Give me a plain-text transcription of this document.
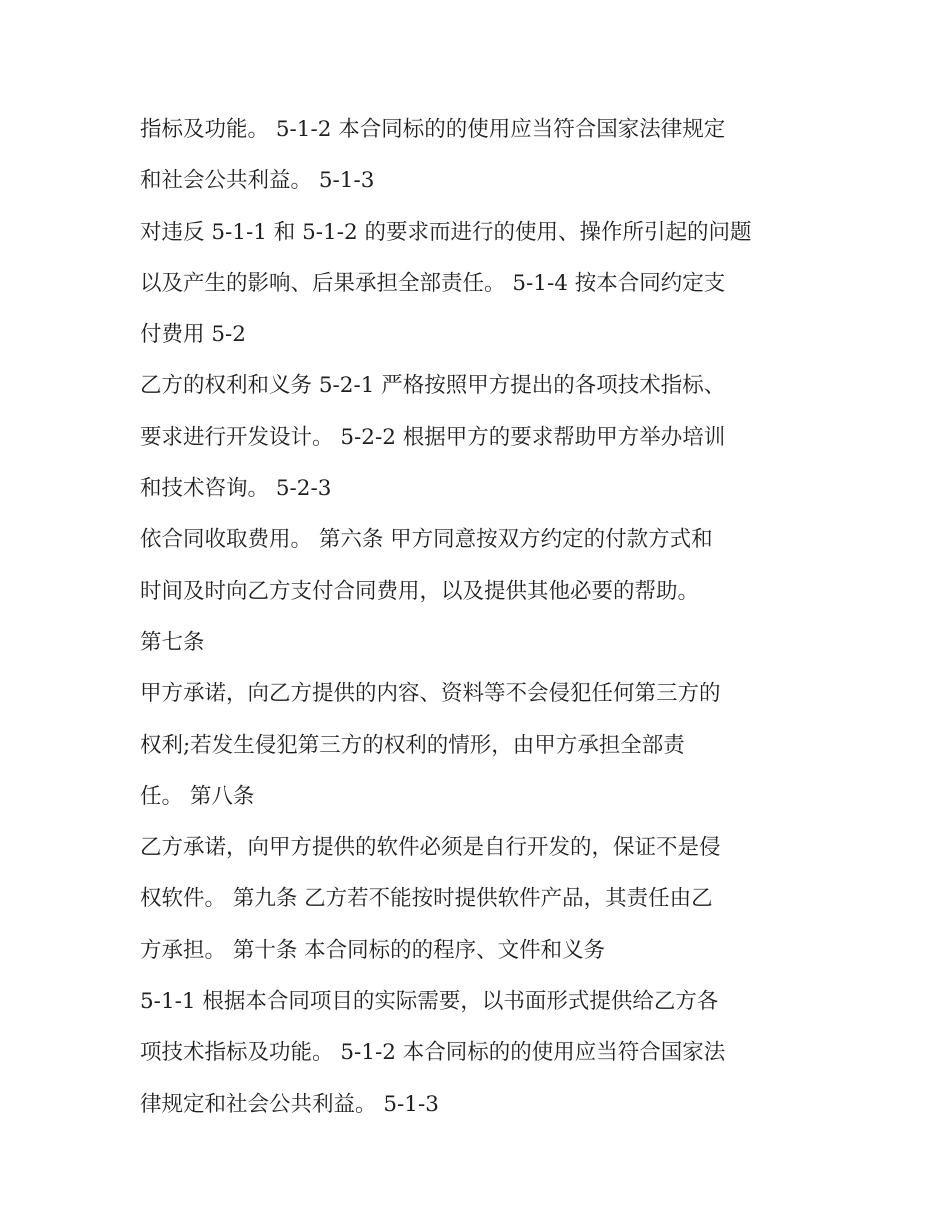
指标及功能。 5-1-2 本合同标的的使用应当符合国家法律规定
和社会公共利益。 5-1-3
对违反 5-1-1 和 5-1-2 的要求而进行的使用、操作所引起的问题
以及产生的影响、后果承担全部责任。 5-1-4 按本合同约定支
付费用 5-2
乙方的权利和义务 5-2-1 严格按照甲方提出的各项技术指标、
要求进行开发设计。 5-2-2 根据甲方的要求帮助甲方举办培训
和技术咨询。 5-2-3
依合同收取费用。 第六条 甲方同意按双方约定的付款方式和
时间及时向乙方支付合同费用，以及提供其他必要的帮助。
第七条
甲方承诺，向乙方提供的内容、资料等不会侵犯任何第三方的
权利;若发生侵犯第三方的权利的情形，由甲方承担全部责
任。 第八条
乙方承诺，向甲方提供的软件必须是自行开发的，保证不是侵
权软件。 第九条 乙方若不能按时提供软件产品，其责任由乙
方承担。 第十条 本合同标的的程序、文件和义务
5-1-1 根据本合同项目的实际需要，以书面形式提供给乙方各
项技术指标及功能。 5-1-2 本合同标的的使用应当符合国家法
律规定和社会公共利益。 5-1-3
